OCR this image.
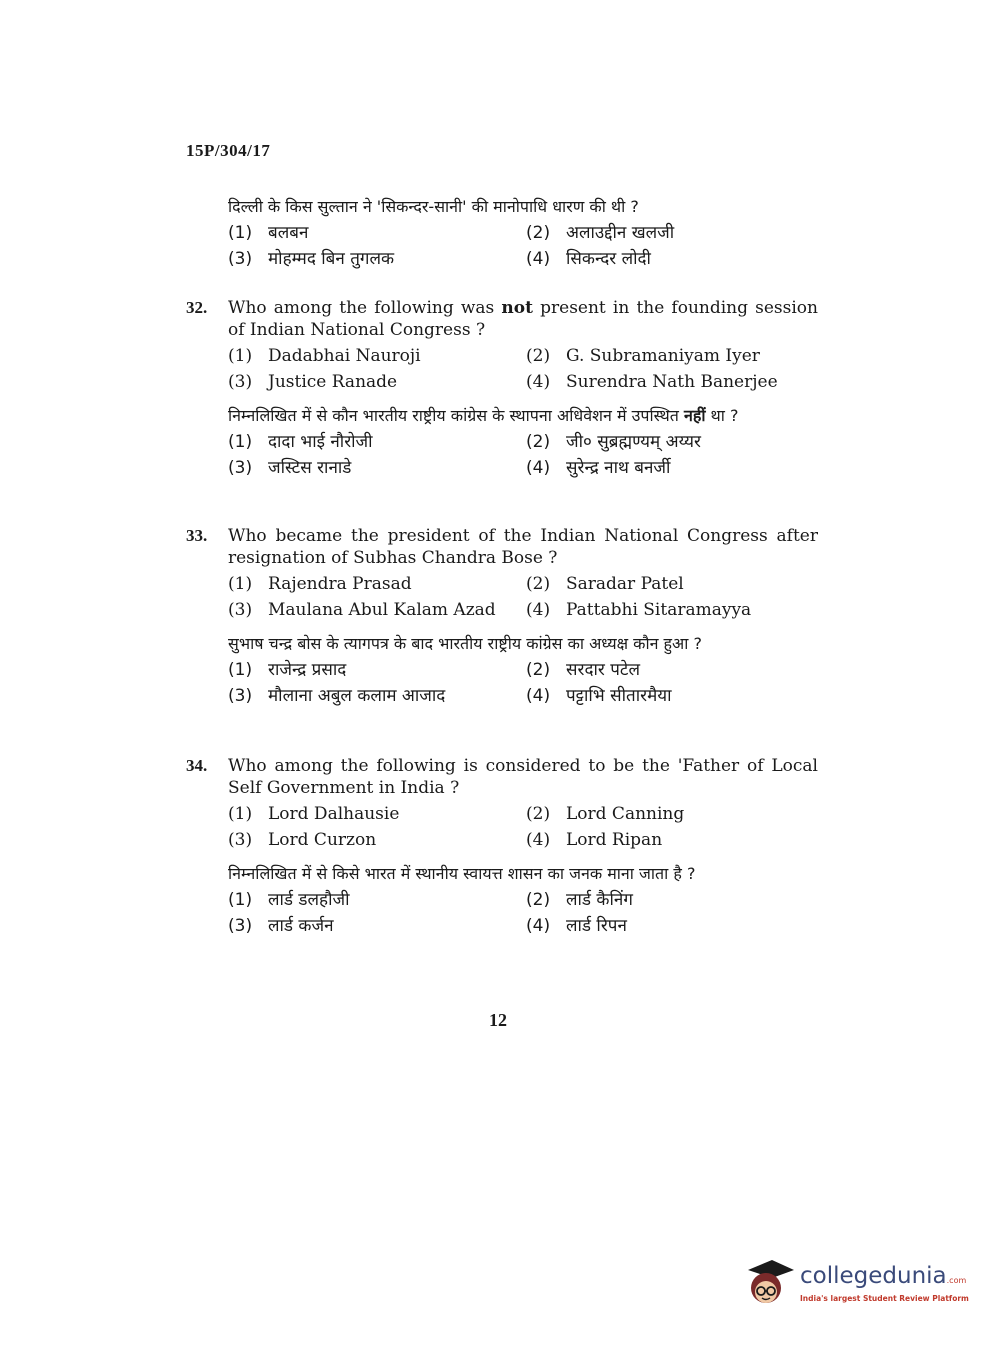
15P/304/17
दिल्ली के किस सुल्तान ने 'सिकन्दर-सानी' की मानोपाधि धारण की थी ?
(1) बलबन	(2) अलाउद्दीन खलजी
(3) मोहम्मद बिन तुगलक	(4) सिकन्दर लोदी
32. Who among the following was not present in the founding session of Indian National Congress ?
(1) Dadabhai Nauroji	(2) G. Subramaniyam Iyer
(3) Justice Ranade	(4) Surendra Nath Banerjee
निम्नलिखित में से कौन भारतीय राष्ट्रीय कांग्रेस के स्थापना अधिवेशन में उपस्थित नहीं था ?
(1) दादा भाई नौरोजी	(2) जी० सुब्रह्मण्यम् अय्यर
(3) जस्टिस रानाडे	(4) सुरेन्द्र नाथ बनर्जी
33. Who became the president of the Indian National Congress after resignation of Subhas Chandra Bose ?
(1) Rajendra Prasad	(2) Saradar Patel
(3) Maulana Abul Kalam Azad (4) Pattabhi Sitaramayya
सुभाष चन्द्र बोस के त्यागपत्र के बाद भारतीय राष्ट्रीय कांग्रेस का अध्यक्ष कौन हुआ ?
(1) राजेन्द्र प्रसाद	(2) सरदार पटेल
(3) मौलाना अबुल कलाम आजाद	(4) पट्टाभि सीतारमैया
34. Who among the following is considered to be the 'Father of Local Self Government in India ?
(1) Lord Dalhausie	(2) Lord Canning
(3) Lord Curzon	(4) Lord Ripan
निम्नलिखित में से किसे भारत में स्थानीय स्वायत्त शासन का जनक माना जाता है ?
(1) लार्ड डलहौजी	(2) लार्ड कैनिंग
(3) लार्ड कर्जन	(4) लार्ड रिपन
12
collegedunia.com
India's largest Student Review Platform
